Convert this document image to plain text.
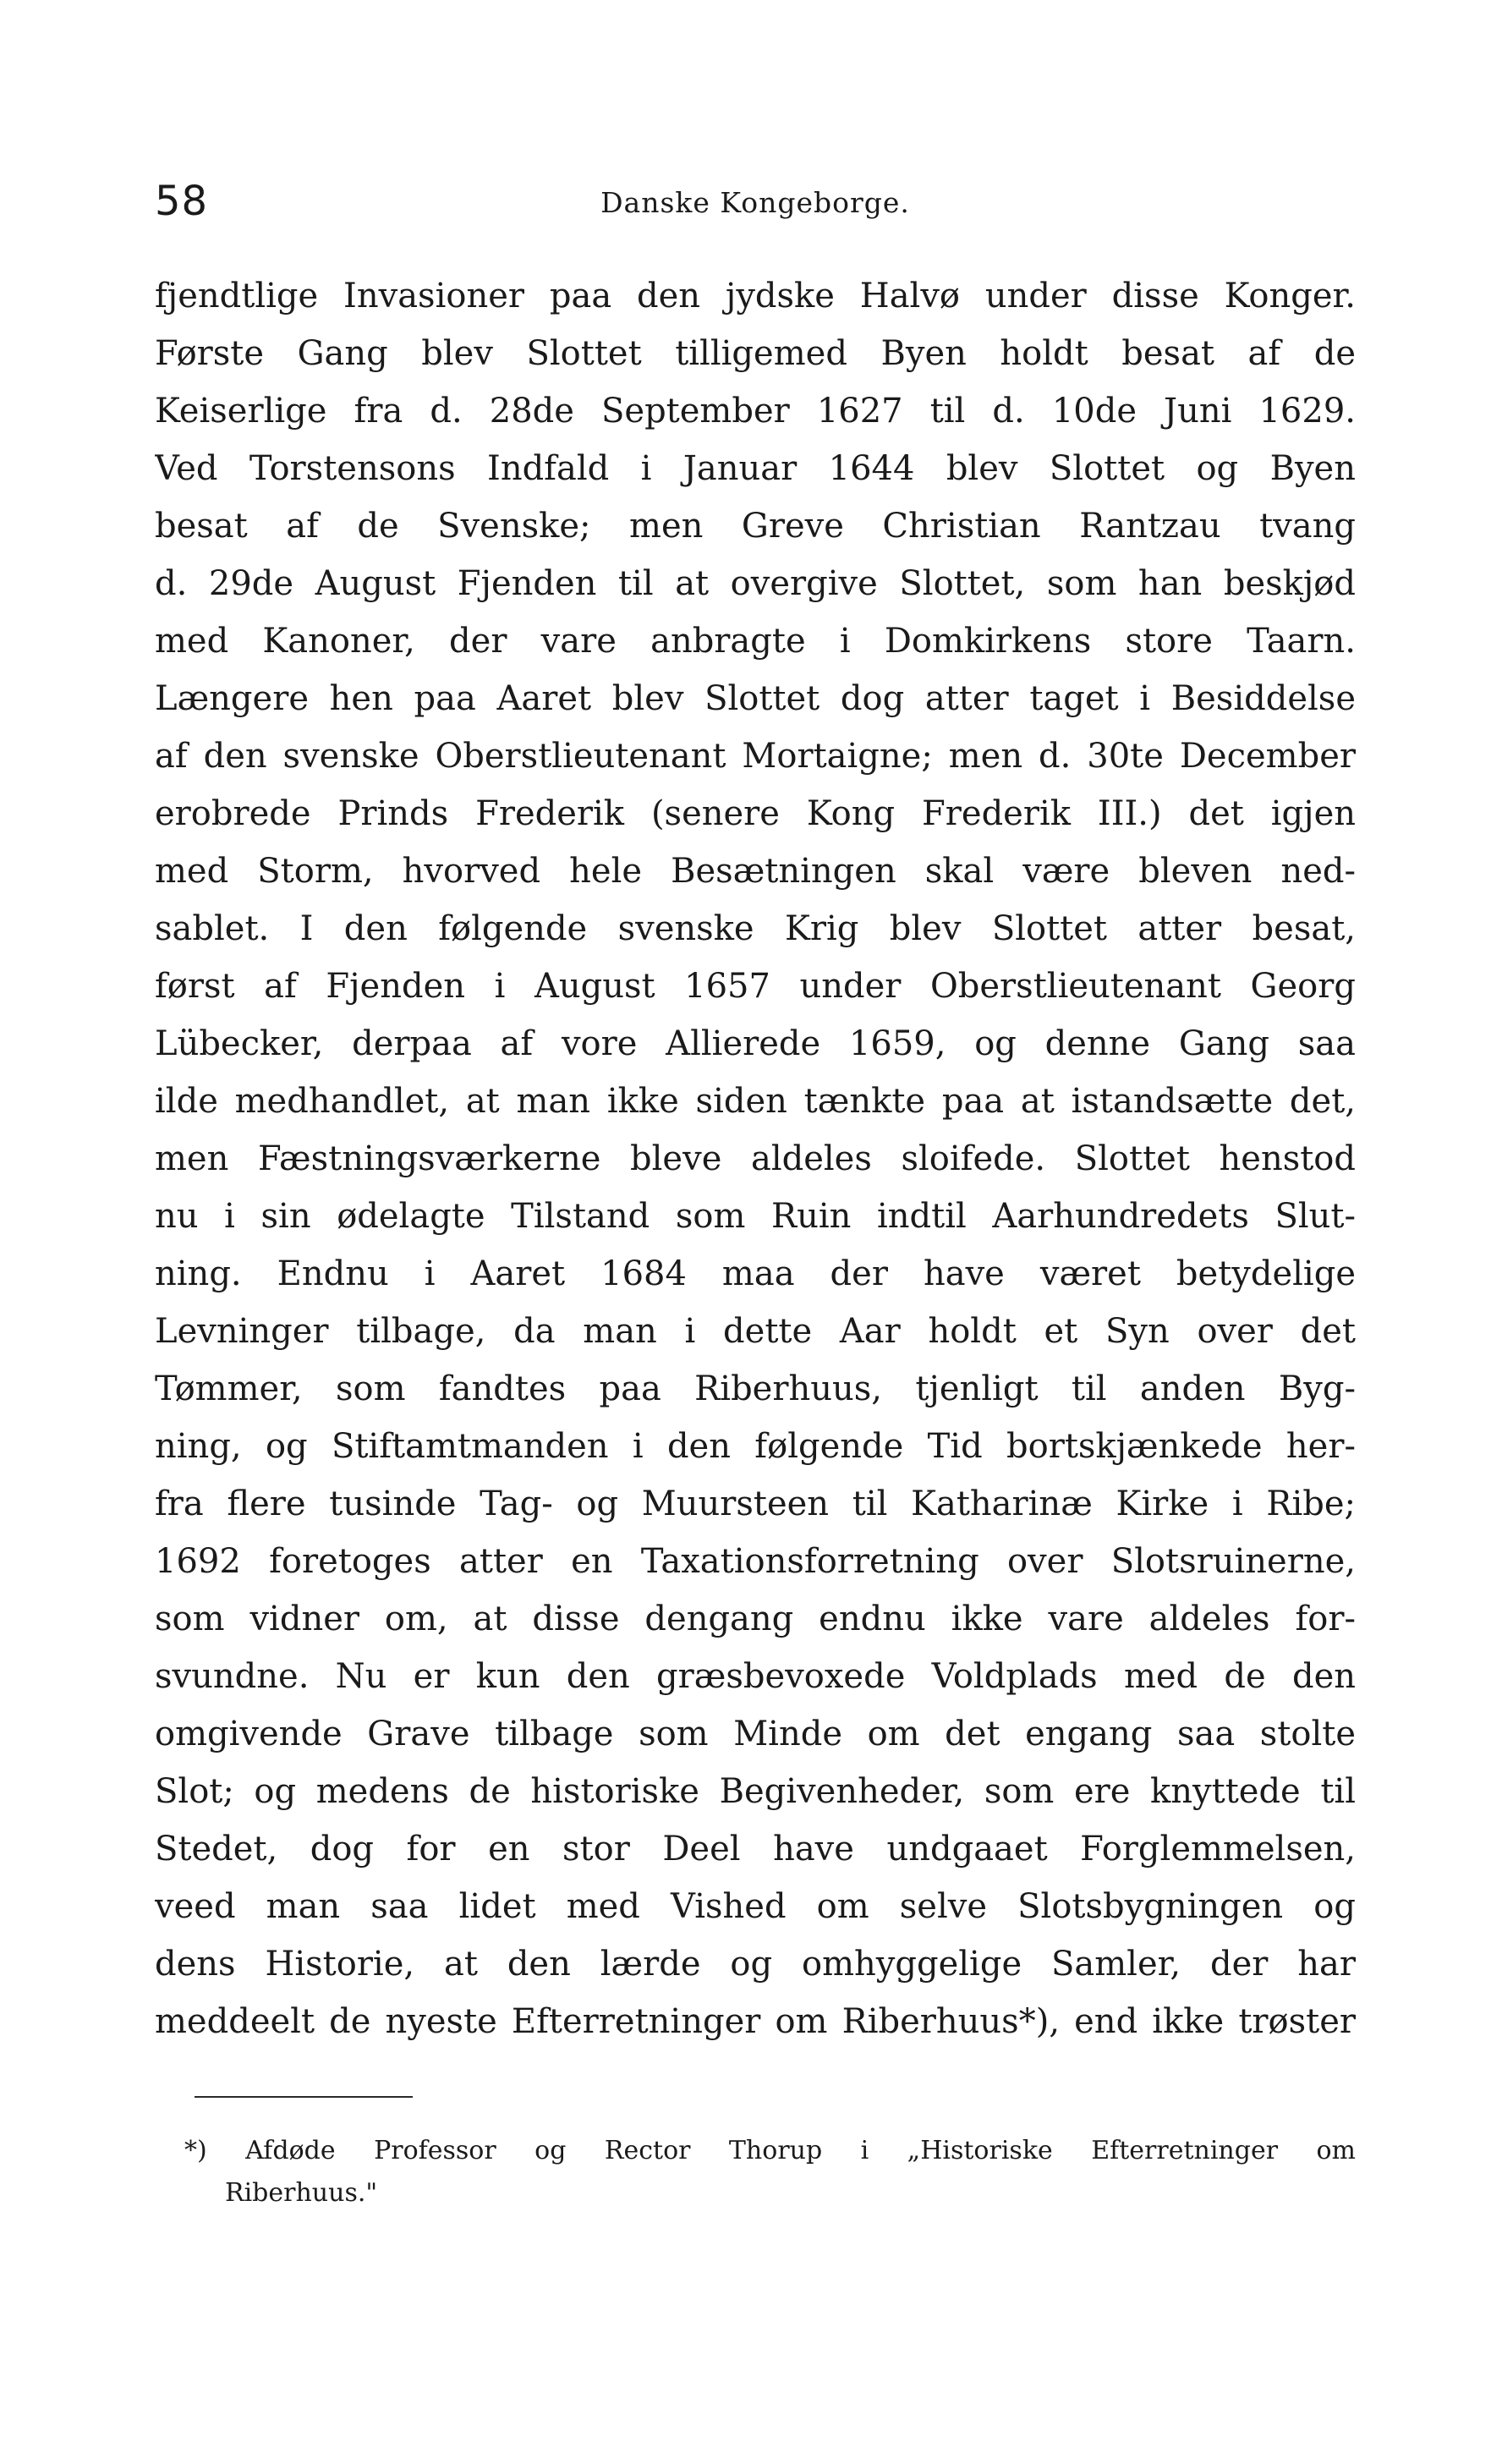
58	Danske Kongeborge.
fjendtlige Invasioner paa den jydske Halvø under disse Konger.
Første Gang blev Slottet tilligemed Byen holdt besat af de
Keiserlige fra d. 28de September 1627 til d. 10de Juni 1629.
Ved Torstensons Indfald i Januar 1644 blev Slottet og Byen
besat af de Svenske; men Greve Christian Rantzau tvang
d. 29de August Fjenden til at overgive Slottet, som han beskjød
med Kanoner, der vare anbragte i Domkirkens store Taarn.
Længere hen paa Aaret blev Slottet dog atter taget i Besiddelse
af den svenske Oberstlieutenant Mortaigne; men d. 30te December
erobrede Prinds Frederik (senere Kong Frederik III.) det igjen
med Storm, hvorved hele Besætningen skal være bleven ned-
sablet. I den følgende svenske Krig blev Slottet atter besat,
først af Fjenden i August 1657 under Oberstlieutenant Georg
Lübecker, derpaa af vore Allierede 1659, og denne Gang saa
ilde medhandlet, at man ikke siden tænkte paa at istandsætte det,
men Fæstningsværkerne bleve aldeles sloifede. Slottet henstod
nu i sin ødelagte Tilstand som Ruin indtil Aarhundredets Slut-
ning. Endnu i Aaret 1684 maa der have været betydelige
Levninger tilbage, da man i dette Aar holdt et Syn over det
Tømmer, som fandtes paa Riberhuus, tjenligt til anden Byg-
ning, og Stiftamtmanden i den følgende Tid bortskjænkede her-
fra flere tusinde Tag- og Muursteen til Katharinæ Kirke i Ribe;
1692 foretoges atter en Taxationsforretning over Slotsruinerne,
som vidner om, at disse dengang endnu ikke vare aldeles for-
svundne. Nu er kun den græsbevoxede Voldplads med de den
omgivende Grave tilbage som Minde om det engang saa stolte
Slot; og medens de historiske Begivenheder, som ere knyttede til
Stedet, dog for en stor Deel have undgaaet Forglemmelsen,
veed man saa lidet med Vished om selve Slotsbygningen og
dens Historie, at den lærde og omhyggelige Samler, der har
meddeelt de nyeste Efterretninger om Riberhuus*), end ikke trøster
*) Afdøde Professor og Rector Thorup i „Historiske Efterretninger om
Riberhuus."
